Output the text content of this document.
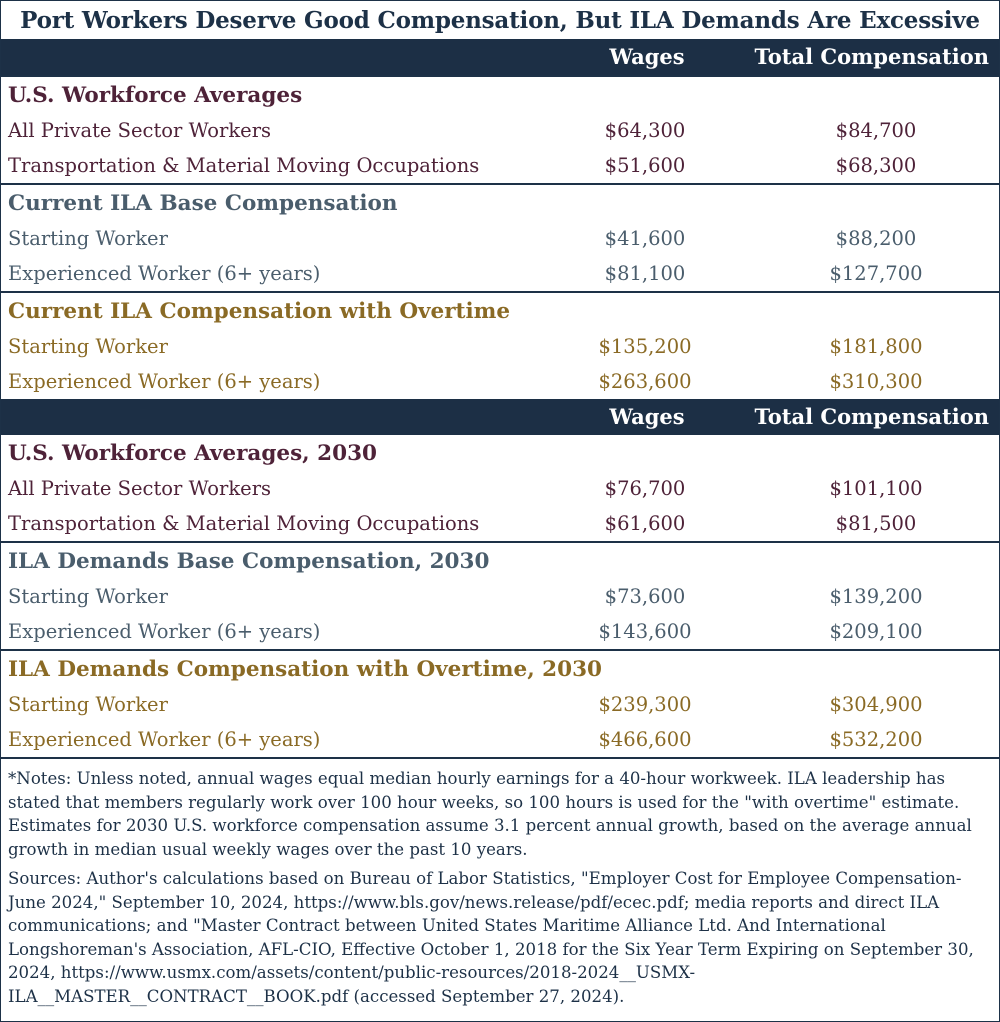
Port Workers Deserve Good Compensation, But ILA Demands Are Excessive
Wages	Total Compensation
U.S. Workforce Averages
All Private Sector Workers	$64,300	$84,700
Transportation & Material Moving Occupations	$51,600	$68,300
Current ILA Base Compensation
Starting Worker	$41,600	$88,200
Experienced Worker (6+ years)	$81,100	$127,700
Current ILA Compensation with Overtime
Starting Worker	$135,200	$181,800
Experienced Worker (6+ years)	$263,600	$310,300
Wages	Total Compensation
U.S. Workforce Averages, 2030
All Private Sector Workers	$76,700	$101,100
Transportation & Material Moving Occupations	$61,600	$81,500
ILA Demands Base Compensation, 2030
Starting Worker	$73,600	$139,200
Experienced Worker (6+ years)	$143,600	$209,100
ILA Demands Compensation with Overtime, 2030
Starting Worker	$239,300	$304,900
Experienced Worker (6+ years)	$466,600	$532,200

*Notes: Unless noted, annual wages equal median hourly earnings for a 40-hour workweek. ILA leadership has stated that members regularly work over 100 hour weeks, so 100 hours is used for the "with overtime" estimate. Estimates for 2030 U.S. workforce compensation assume 3.1 percent annual growth, based on the average annual growth in median usual weekly wages over the past 10 years.

Sources: Author's calculations based on Bureau of Labor Statistics, "Employer Cost for Employee Compensation-June 2024," September 10, 2024, https://www.bls.gov/news.release/pdf/ecec.pdf; media reports and direct ILA communications; and "Master Contract between United States Maritime Alliance Ltd. And International Longshoreman's Association, AFL-CIO, Effective October 1, 2018 for the Six Year Term Expiring on September 30, 2024, https://www.usmx.com/assets/content/public-resources/2018-2024__USMX-ILA__MASTER__CONTRACT__BOOK.pdf (accessed September 27, 2024).
